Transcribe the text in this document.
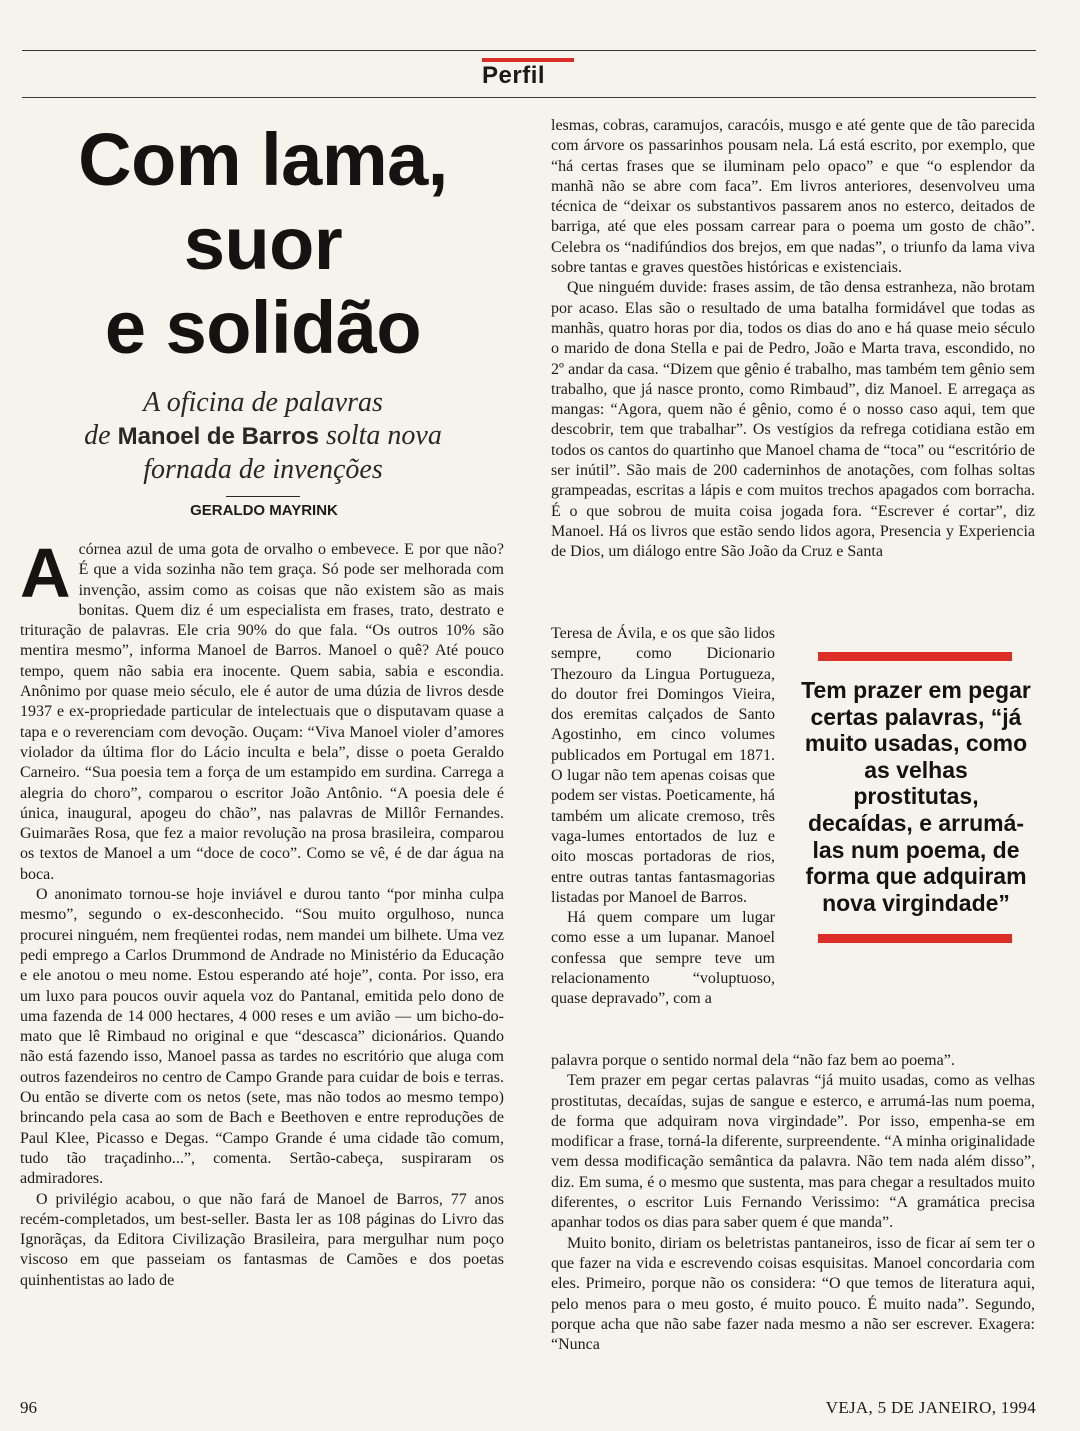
Perfil
Com lama,
suor
e solidão
A oficina de palavras
de Manoel de Barros solta nova
fornada de invenções
GERALDO MAYRINK

A córnea azul de uma gota de orvalho o embevece. E por que não? É que a vida sozinha não tem graça. Só pode ser melhorada com invenção, assim como as coisas que não existem são as mais bonitas. Quem diz é um especialista em frases, trato, destrato e trituração de palavras. Ele cria 90% do que fala. “Os outros 10% são mentira mesmo”, informa Manoel de Barros. Manoel o quê? Até pouco tempo, quem não sabia era inocente. Quem sabia, sabia e escondia. Anônimo por quase meio século, ele é autor de uma dúzia de livros desde 1937 e ex-propriedade particular de intelectuais que o disputavam quase a tapa e o reverenciam com devoção. Ouçam: “Viva Manoel violer d’amores violador da última flor do Lácio inculta e bela”, disse o poeta Geraldo Carneiro. “Sua poesia tem a força de um estampido em surdina. Carrega a alegria do choro”, comparou o escritor João Antônio. “A poesia dele é única, inaugural, apogeu do chão”, nas palavras de Millôr Fernandes. Guimarães Rosa, que fez a maior revolução na prosa brasileira, comparou os textos de Manoel a um “doce de coco”. Como se vê, é de dar água na boca.

O anonimato tornou-se hoje inviável e durou tanto “por minha culpa mesmo”, segundo o ex-desconhecido. “Sou muito orgulhoso, nunca procurei ninguém, nem freqüentei rodas, nem mandei um bilhete. Uma vez pedi emprego a Carlos Drummond de Andrade no Ministério da Educação e ele anotou o meu nome. Estou esperando até hoje”, conta. Por isso, era um luxo para poucos ouvir aquela voz do Pantanal, emitida pelo dono de uma fazenda de 14 000 hectares, 4 000 reses e um avião — um bicho-do-mato que lê Rimbaud no original e que “descasca” dicionários. Quando não está fazendo isso, Manoel passa as tardes no escritório que aluga com outros fazendeiros no centro de Campo Grande para cuidar de bois e terras. Ou então se diverte com os netos (sete, mas não todos ao mesmo tempo) brincando pela casa ao som de Bach e Beethoven e entre reproduções de Paul Klee, Picasso e Degas. “Campo Grande é uma cidade tão comum, tudo tão traçadinho...”, comenta. Sertão-cabeça, suspiraram os admiradores.

O privilégio acabou, o que não fará de Manoel de Barros, 77 anos recém-completados, um best-seller. Basta ler as 108 páginas do Livro das Ignorãças, da Editora Civilização Brasileira, para mergulhar num poço viscoso em que passeiam os fantasmas de Camões e dos poetas quinhentistas ao lado de

lesmas, cobras, caramujos, caracóis, musgo e até gente que de tão parecida com árvore os passarinhos pousam nela. Lá está escrito, por exemplo, que “há certas frases que se iluminam pelo opaco” e que “o esplendor da manhã não se abre com faca”. Em livros anteriores, desenvolveu uma técnica de “deixar os substantivos passarem anos no esterco, deitados de barriga, até que eles possam carrear para o poema um gosto de chão”. Celebra os “nadifúndios dos brejos, em que nadas”, o triunfo da lama viva sobre tantas e graves questões históricas e existenciais.

Que ninguém duvide: frases assim, de tão densa estranheza, não brotam por acaso. Elas são o resultado de uma batalha formidável que todas as manhãs, quatro horas por dia, todos os dias do ano e há quase meio século o marido de dona Stella e pai de Pedro, João e Marta trava, escondido, no 2º andar da casa. “Dizem que gênio é trabalho, mas também tem gênio sem trabalho, que já nasce pronto, como Rimbaud”, diz Manoel. E arregaça as mangas: “Agora, quem não é gênio, como é o nosso caso aqui, tem que descobrir, tem que trabalhar”. Os vestígios da refrega cotidiana estão em todos os cantos do quartinho que Manoel chama de “toca” ou “escritório de ser inútil”. São mais de 200 caderninhos de anotações, com folhas soltas grampeadas, escritas a lápis e com muitos trechos apagados com borracha. É o que sobrou de muita coisa jogada fora. “Escrever é cortar”, diz Manoel. Há os livros que estão sendo lidos agora, Presencia y Experiencia de Dios, um diálogo entre São João da Cruz e Santa

Teresa de Ávila, e os que são lidos sempre, como Dicionario Thezouro da Lingua Portugueza, do doutor frei Domingos Vieira, dos eremitas calçados de Santo Agostinho, em cinco volumes publicados em Portugal em 1871. O lugar não tem apenas coisas que podem ser vistas. Poeticamente, há também um alicate cremoso, três vaga-lumes entortados de luz e oito moscas portadoras de rios, entre outras tantas fantasmagorias listadas por Manoel de Barros.

Há quem compare um lugar como esse a um lupanar. Manoel confessa que sempre teve um relacionamento “voluptuoso, quase depravado”, com a

Tem prazer em pegar certas palavras, “já muito usadas, como as velhas prostitutas, decaídas, e arrumá-las num poema, de forma que adquiram nova virgindade”

palavra porque o sentido normal dela “não faz bem ao poema”.

Tem prazer em pegar certas palavras “já muito usadas, como as velhas prostitutas, decaídas, sujas de sangue e esterco, e arrumá-las num poema, de forma que adquiram nova virgindade”. Por isso, empenha-se em modificar a frase, torná-la diferente, surpreendente. “A minha originalidade vem dessa modificação semântica da palavra. Não tem nada além disso”, diz. Em suma, é o mesmo que sustenta, mas para chegar a resultados muito diferentes, o escritor Luis Fernando Verissimo: “A gramática precisa apanhar todos os dias para saber quem é que manda”.

Muito bonito, diriam os beletristas pantaneiros, isso de ficar aí sem ter o que fazer na vida e escrevendo coisas esquisitas. Manoel concordaria com eles. Primeiro, porque não os considera: “O que temos de literatura aqui, pelo menos para o meu gosto, é muito pouco. É muito nada”. Segundo, porque acha que não sabe fazer nada mesmo a não ser escrever. Exagera: “Nunca

96	VEJA, 5 DE JANEIRO, 1994
